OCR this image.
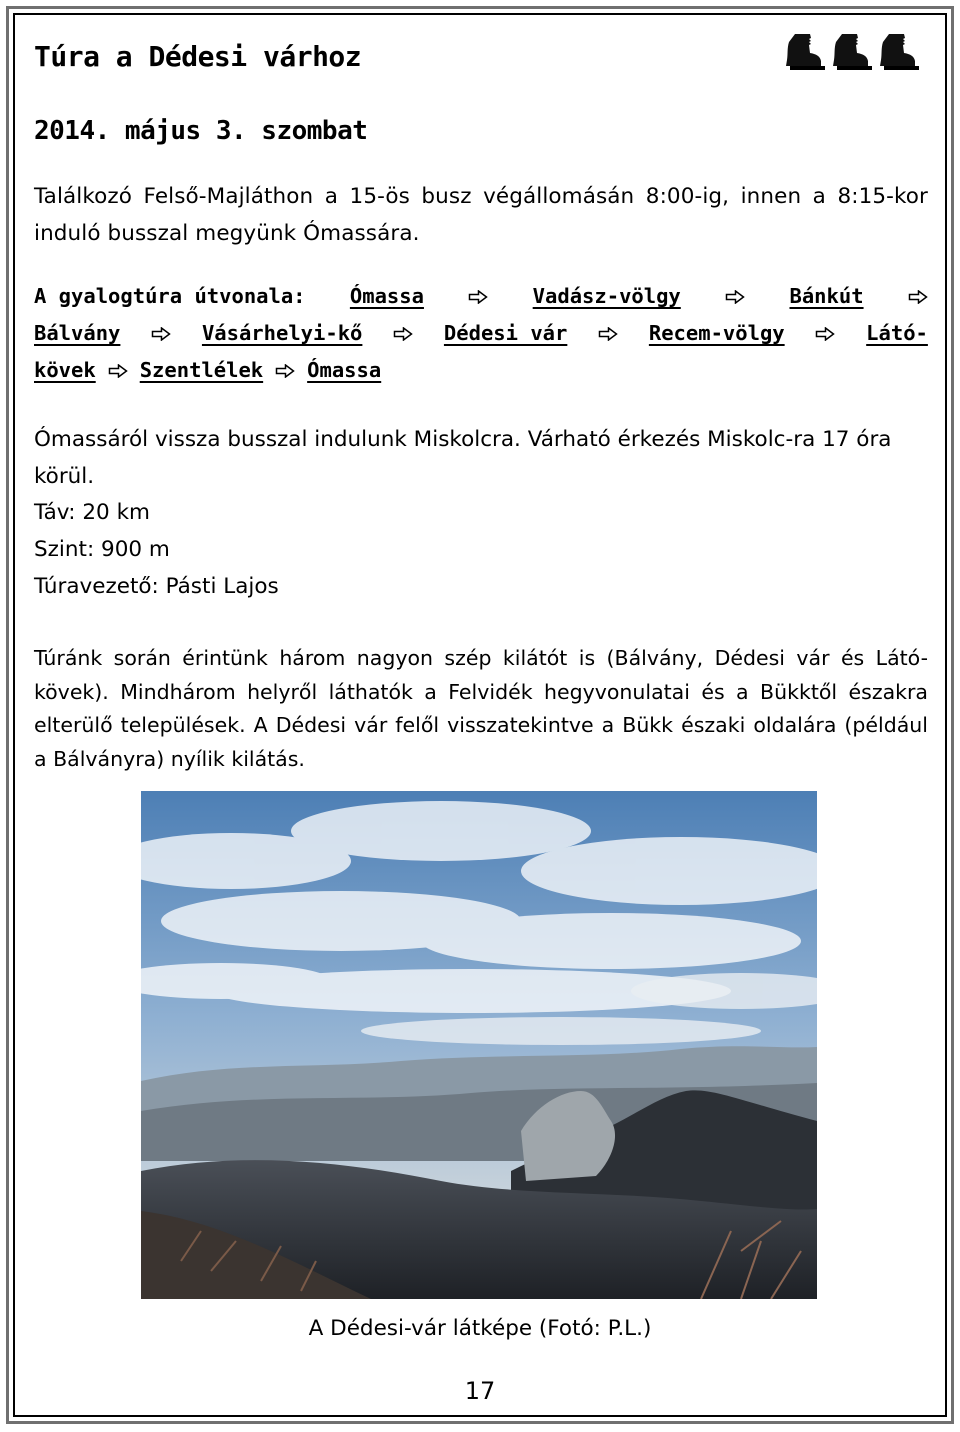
Túra a Dédesi várhoz
2014. május 3. szombat
Találkozó Felső-Majláthon a 15-ös busz végállomásán 8:00-ig, innen a 8:15-kor induló busszal megyünk Ómassára.
A gyalogtúra útvonala: Ómassa	Vadász-völgy	Bánkút
Bálvány	Vásárhelyi-kő	Dédesi vár	Recem-völgy	Látó-
kövek Szentlélek Ómassa
Ómassáról vissza busszal indulunk Miskolcra. Várható érkezés Miskolc-ra 17 óra körül.
Táv: 20 km
Szint: 900 m
Túravezető: Pásti Lajos
Túránk során érintünk három nagyon szép kilátót is (Bálvány, Dédesi vár és Látó-kövek). Mindhárom helyről láthatók a Felvidék hegyvonulatai és a Bükktől északra elterülő települések. A Dédesi vár felől visszatekintve a Bükk északi oldalára (például a Bálványra) nyílik kilátás.
A Dédesi-vár látképe (Fotó: P.L.)
17
